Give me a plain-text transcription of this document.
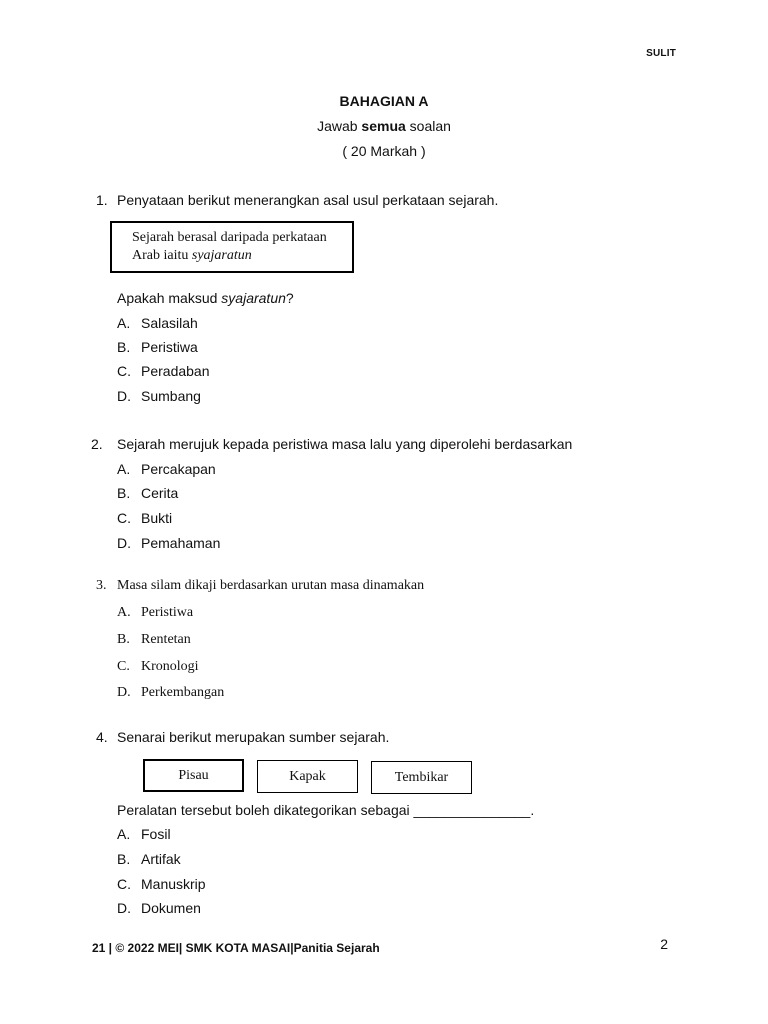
SULIT
BAHAGIAN A
Jawab semua soalan
( 20 Markah )
1. Penyataan berikut menerangkan asal usul perkataan sejarah.

Sejarah berasal daripada perkataan

Arab iaitu syajaratun

Apakah maksud syajaratun?
A. Salasilah
B. Peristiwa
C. Peradaban
D. Sumbang
2. Sejarah merujuk kepada peristiwa masa lalu yang diperolehi berdasarkan
A. Percakapan
B. Cerita
C. Bukti
D. Pemahaman
3. Masa silam dikaji berdasarkan urutan masa dinamakan
A. Peristiwa
B. Rentetan
C. Kronologi
D. Perkembangan
4. Senarai berikut merupakan sumber sejarah.
Pisau	Kapak	Tembikar
Peralatan tersebut boleh dikategorikan sebagai _______________.
A. Fosil
B. Artifak
C. Manuskrip
D. Dokumen
21 | © 2022 MEI| SMK KOTA MASAI|Panitia Sejarah	2
